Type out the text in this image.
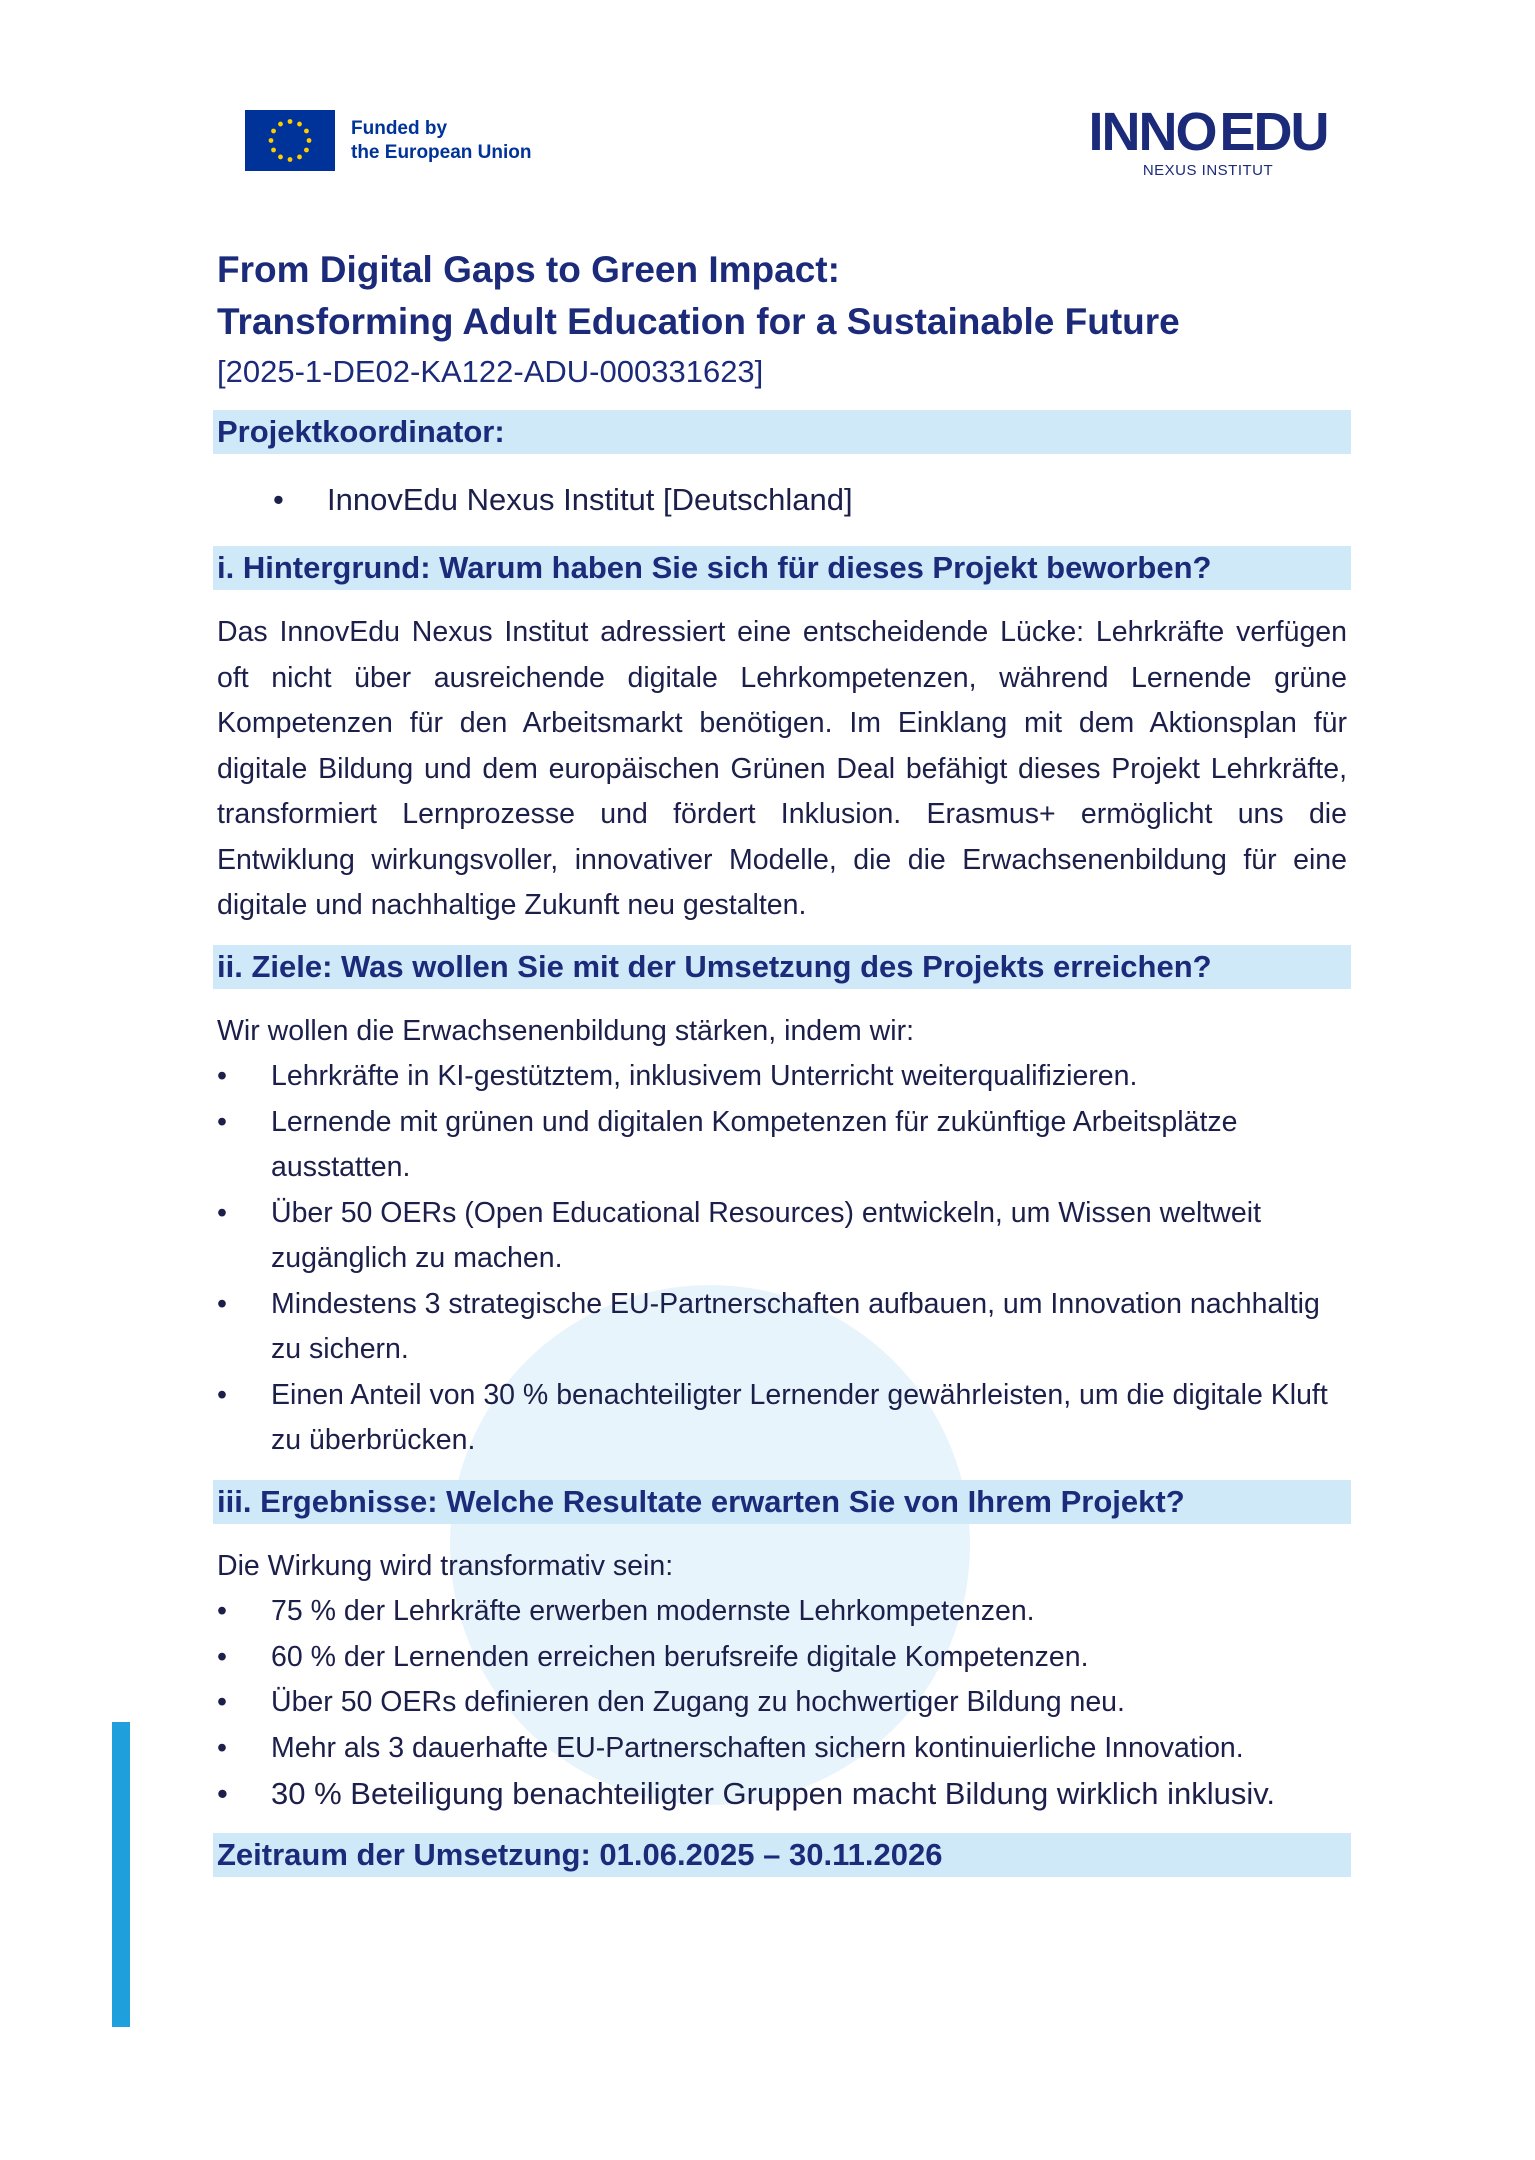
Funded by
the European Union	INNO EDU
NEXUS INSTITUT
From Digital Gaps to Green Impact:
Transforming Adult Education for a Sustainable Future
[2025-1-DE02-KA122-ADU-000331623]
Projektkoordinator:
•	InnovEdu Nexus Institut [Deutschland]
i. Hintergrund: Warum haben Sie sich für dieses Projekt beworben?

Das InnovEdu Nexus Institut adressiert eine entscheidende Lücke: Lehrkräfte verfügen oft nicht über ausreichende digitale Lehrkompetenzen, während Lernende grüne Kompetenzen für den Arbeitsmarkt benötigen. Im Einklang mit dem Aktionsplan für digitale Bildung und dem europäischen Grünen Deal befähigt dieses Projekt Lehrkräfte, transformiert Lernprozesse und fördert Inklusion. Erasmus+ ermöglicht uns die Entwiklung wirkungsvoller, innovativer Modelle, die die Erwachsenenbildung für eine digitale und nachhaltige Zukunft neu gestalten.

ii. Ziele: Was wollen Sie mit der Umsetzung des Projekts erreichen?
Wir wollen die Erwachsenenbildung stärken, indem wir:
•	Lehrkräfte in KI-gestütztem, inklusivem Unterricht weiterqualifizieren.
•	Lernende mit grünen und digitalen Kompetenzen für zukünftige Arbeitsplätze ausstatten.
•	Über 50 OERs (Open Educational Resources) entwickeln, um Wissen weltweit zugänglich zu machen.
•	Mindestens 3 strategische EU-Partnerschaften aufbauen, um Innovation nachhaltig zu sichern.
•	Einen Anteil von 30 % benachteiligter Lernender gewährleisten, um die digitale Kluft zu überbrücken.
iii. Ergebnisse: Welche Resultate erwarten Sie von Ihrem Projekt?
Die Wirkung wird transformativ sein:
•	75 % der Lehrkräfte erwerben modernste Lehrkompetenzen.
•	60 % der Lernenden erreichen berufsreife digitale Kompetenzen.
•	Über 50 OERs definieren den Zugang zu hochwertiger Bildung neu.
•	Mehr als 3 dauerhafte EU-Partnerschaften sichern kontinuierliche Innovation.
•	30 % Beteiligung benachteiligter Gruppen macht Bildung wirklich inklusiv.
Zeitraum der Umsetzung: 01.06.2025 – 30.11.2026
